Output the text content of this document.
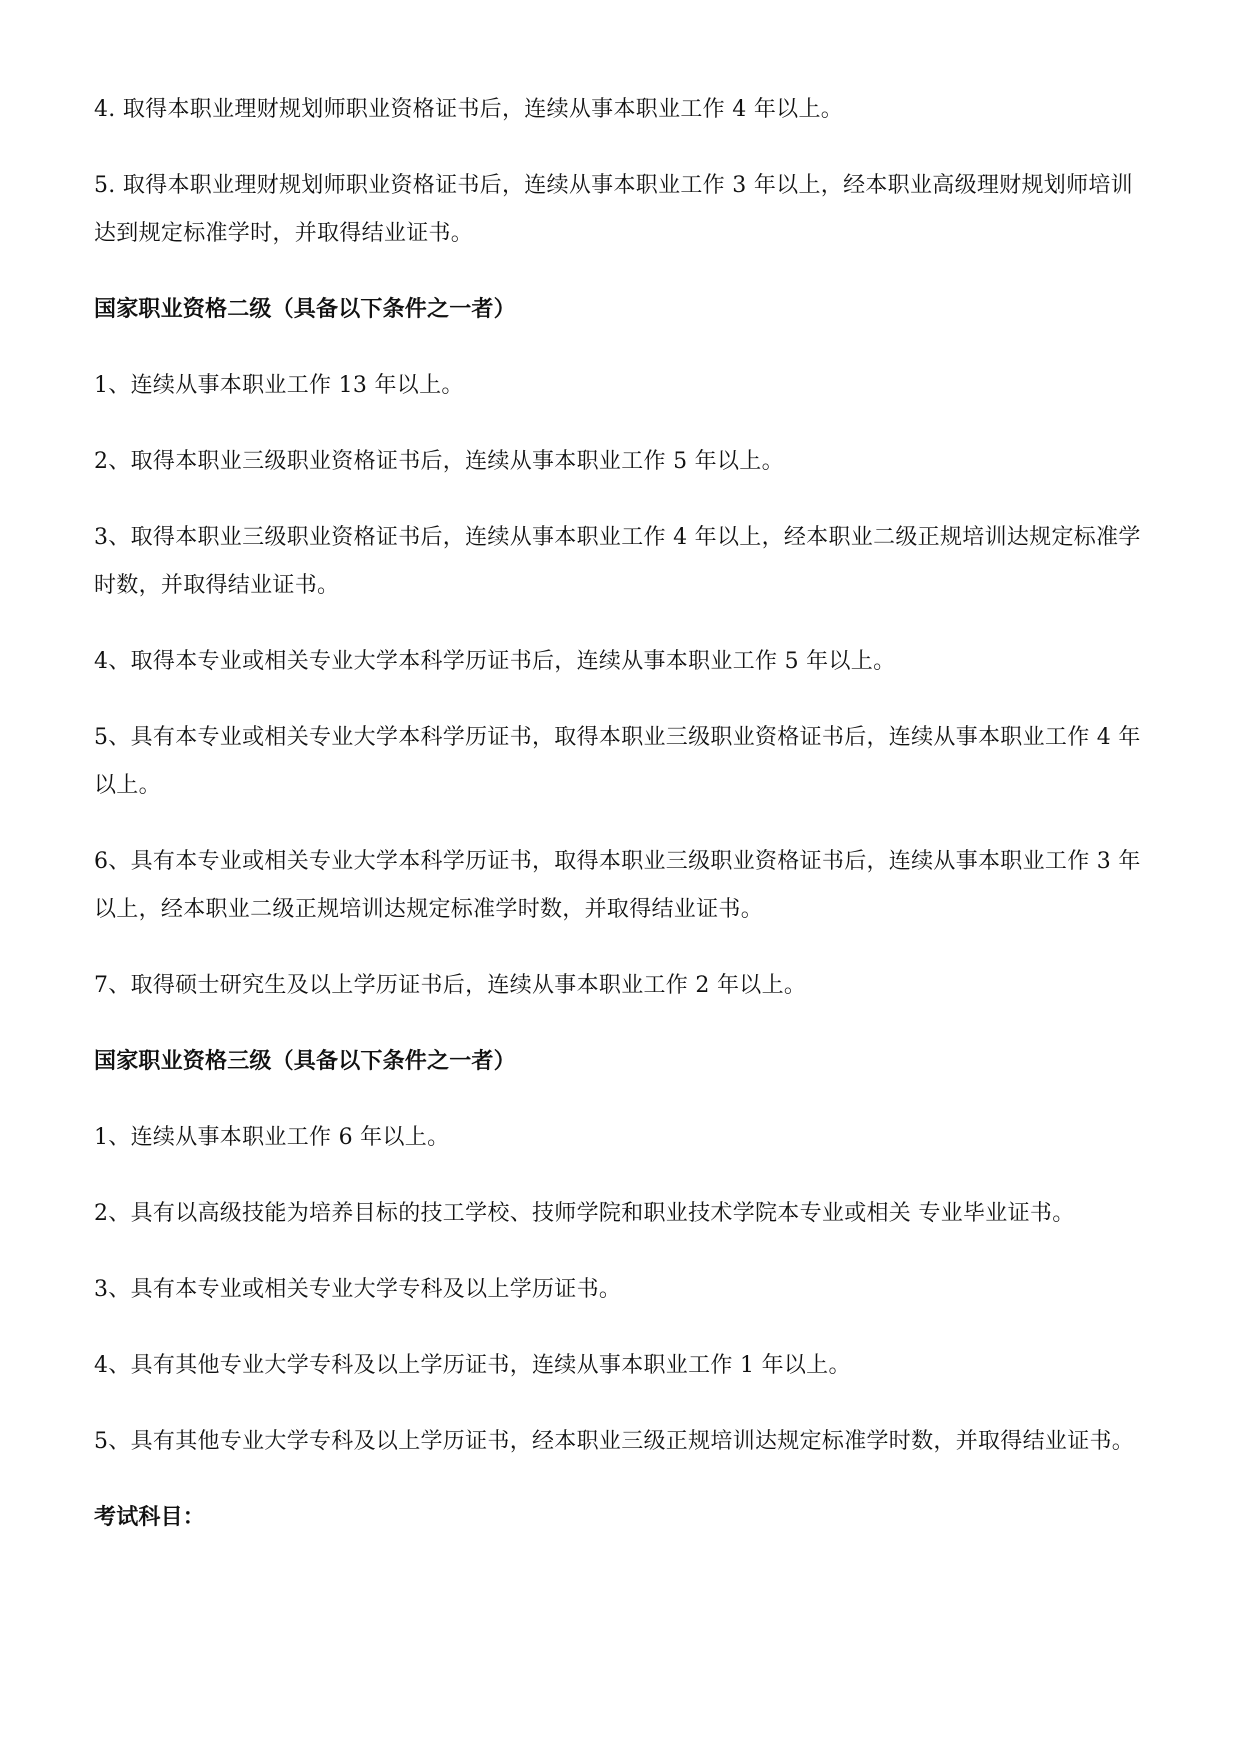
4. 取得本职业理财规划师职业资格证书后，连续从事本职业工作 4 年以上。

5. 取得本职业理财规划师职业资格证书后，连续从事本职业工作 3 年以上，经本职业高级理财规划师培训达到规定标准学时，并取得结业证书。

国家职业资格二级（具备以下条件之一者）

1、连续从事本职业工作 13 年以上。

2、取得本职业三级职业资格证书后，连续从事本职业工作 5 年以上。

3、取得本职业三级职业资格证书后，连续从事本职业工作 4 年以上，经本职业二级正规培训达规定标准学时数，并取得结业证书。

4、取得本专业或相关专业大学本科学历证书后，连续从事本职业工作 5 年以上。

5、具有本专业或相关专业大学本科学历证书，取得本职业三级职业资格证书后，连续从事本职业工作 4 年以上。

6、具有本专业或相关专业大学本科学历证书，取得本职业三级职业资格证书后，连续从事本职业工作 3 年以上，经本职业二级正规培训达规定标准学时数，并取得结业证书。

7、取得硕士研究生及以上学历证书后，连续从事本职业工作 2 年以上。

国家职业资格三级（具备以下条件之一者）

1、连续从事本职业工作 6 年以上。

2、具有以高级技能为培养目标的技工学校、技师学院和职业技术学院本专业或相关 专业毕业证书。

3、具有本专业或相关专业大学专科及以上学历证书。

4、具有其他专业大学专科及以上学历证书，连续从事本职业工作 1 年以上。

5、具有其他专业大学专科及以上学历证书，经本职业三级正规培训达规定标准学时数，并取得结业证书。

考试科目：
